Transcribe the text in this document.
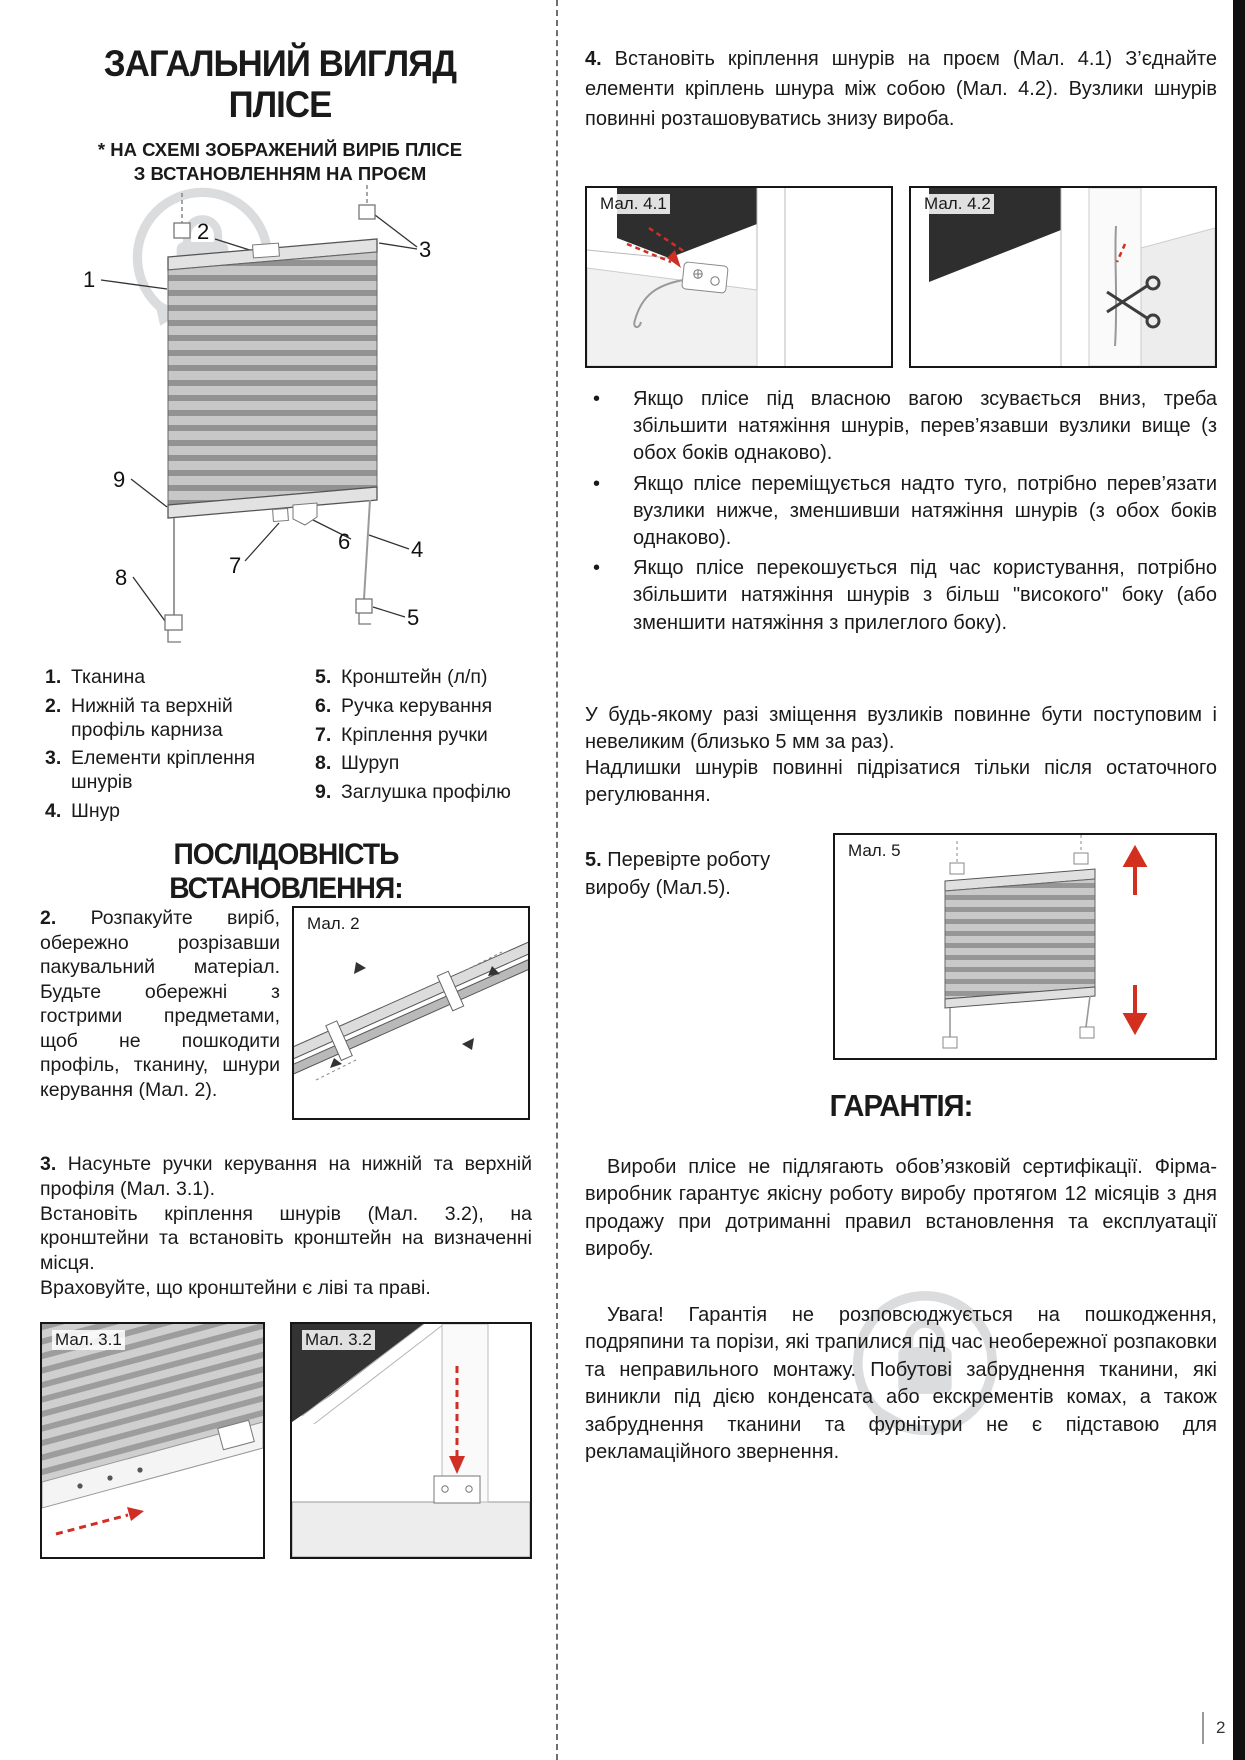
ЗАГАЛЬНИЙ ВИГЛЯД
ПЛІСЕ
* НА СХЕМІ ЗОБРАЖЕНИЙ ВИРІБ ПЛІСЕ
З ВСТАНОВЛЕННЯМ НА ПРОЄМ
1
2
3
4
5
6
7
8
9
1. Тканина
2. Нижній та верхній профіль карниза
3. Елементи кріплення шнурів
4. Шнур
5. Кронштейн (л/п)
6. Ручка керування
7. Кріплення ручки
8. Шуруп
9. Заглушка профілю
ПОСЛІДОВНІСТЬ ВСТАНОВЛЕННЯ:

2. Розпакуйте виріб, обережно розрізавши пакувальний матеріал. Будьте обережні з гострими предметами, щоб не пошкодити профіль, тканину, шнури керування (Мал. 2).

Мал. 2

3. Насуньте ручки керування на нижній та верхній профіля (Мал. 3.1).

Встановіть кріплення шнурів (Мал. 3.2), на кронштейни та встановіть кронштейн на визначенні місця.

Враховуйте, що кронштейни є ліві та праві.

Мал. 3.1	Мал. 3.2

4. Встановіть кріплення шнурів на проєм (Мал. 4.1) З’єднайте елементи кріплень шнура між собою (Мал. 4.2). Вузлики шнурів повинні розташовуватись знизу вироба.

Мал. 4.1	Мал. 4.2
• Якщо плісе під власною вагою зсувається вниз, треба збільшити натяжіння шнурів, перев’язавши вузлики вище (з обох боків однаково).
• Якщо плісе переміщується надто туго, потрібно перев’язати вузлики нижче, зменшивши натяжіння шнурів (з обох боків однаково).
• Якщо плісе перекошується під час користування, потрібно збільшити натяжіння шнурів з більш "високого" боку (або зменшити натяжіння з прилеглого боку).

У будь-якому разі зміщення вузликів повинне бути поступовим і невеликим (близько 5 мм за раз).

Надлишки шнурів повинні підрізатися тільки після остаточного регулювання.

5. Перевірте роботу виробу (Мал.5).

Мал. 5
ГАРАНТІЯ:

Вироби плісе не підлягають обов’язковій сертифікації. Фірма-виробник гарантує якісну роботу виробу протягом 12 місяців з дня продажу при дотриманні правил встановлення та експлуатації виробу.

Увага! Гарантія не розповсюджується на пошкодження, подряпини та порізи, які трапилися під час необережної розпаковки та неправильного монтажу. Побутові забруднення тканини, які виникли під дією конденсата або екскрементів комах, а також забруднення тканини та фурнітури не є підставою для рекламаційного звернення.

2
